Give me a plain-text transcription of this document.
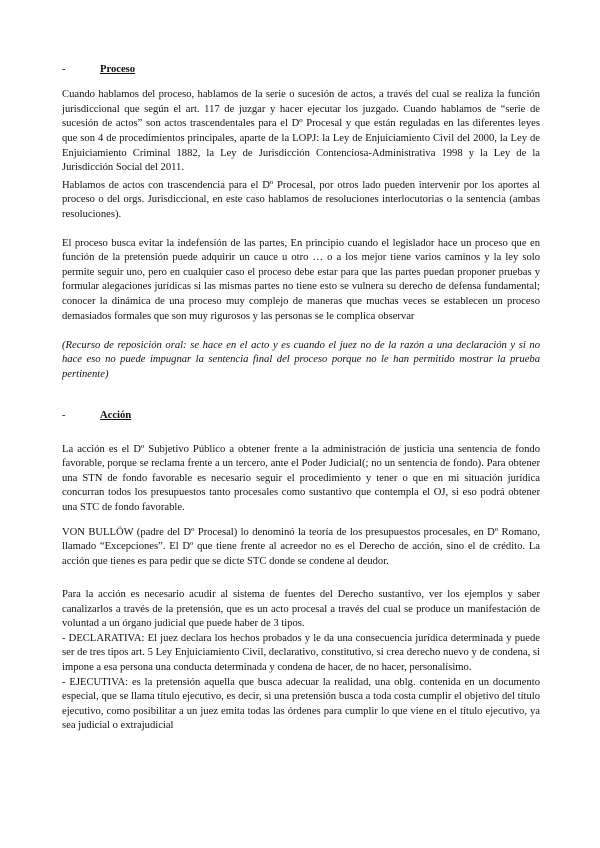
-	Proceso

Cuando hablamos del proceso, hablamos de la serie o sucesión de actos, a través del cual se realiza la función jurisdiccional que según el art. 117 de juzgar y hacer ejecutar los juzgado. Cuando hablamos de “serie de sucesión de actos” son actos trascendentales para el Dº Procesal y que están reguladas en las diferentes leyes que son 4 de procedimientos principales, aparte de la LOPJ: la Ley de Enjuiciamiento Civil del 2000, la Ley de Enjuiciamiento Criminal 1882, la Ley de Jurisdicción Contenciosa-Administrativa 1998 y la Ley de la Jurisdicción Social del 2011.

Hablamos de actos con trascendencia para el Dº Procesal, por otros lado pueden intervenir por los aportes al proceso o del orgs. Jurisdiccional, en este caso hablamos de resoluciones interlocutorias o la sentencia (ambas resoluciones).

El proceso busca evitar la indefensión de las partes, En principio cuando el legislador hace un proceso que en función de la pretensión puede adquirir un cauce u otro … o a los mejor tiene varios caminos y la ley solo permite seguir uno, pero en cualquier caso el proceso debe estar para que las partes puedan proponer pruebas y formular alegaciones jurídicas si las mismas partes no tiene esto se vulnera su derecho de defensa fundamental; conocer la dinámica de una proceso muy complejo de maneras que muchas veces se establecen un proceso demasiados formales que son muy rigurosos y las personas se le complica observar

(Recurso de reposición oral: se hace en el acto y es cuando el juez no de la razón a una declaración y si no hace eso no puede impugnar la sentencia final del proceso porque no le han permitido mostrar la prueba pertinente)

-	Acción

La acción es el Dº Subjetivo Público a obtener frente a la administración de justicia una sentencia de fondo favorable, porque se reclama frente a un tercero, ante el Poder Judicial(; no un sentencia de fondo). Para obtener una STN de fondo favorable es necesario seguir el procedimiento y tener o que en mi situación jurídica concurran todos los presupuestos tanto procesales como sustantivo que contempla el OJ, si eso podrá obtener una STC de fondo favorable.

VON BULLÖW (padre del Dº Procesal) lo denominó la teoría de los presupuestos procesales, en Dº Romano, llamado “Excepciones”. El Dº que tiene frente al acreedor no es el Derecho de acción, sino el de crédito. La acción que tienes es para pedir que se dicte STC donde se condene al deudor.

Para la acción es necesario acudir al sistema de fuentes del Derecho sustantivo, ver los ejemplos y saber canalizarlos a través de la pretensión, que es un acto procesal a través del cual se produce un manifestación de voluntad a un órgano judicial que puede haber de 3 tipos.
- DECLARATIVA: El juez declara los hechos probados y le da una consecuencia jurídica determinada y puede ser de tres tipos art. 5 Ley Enjuiciamiento Civil, declarativo, constitutivo, si crea derecho nuevo y de condena, si impone a esa persona una conducta determinada y condena de hacer, de no hacer, personalísimo.
- EJECUTIVA: es la pretensión aquella que busca adecuar la realidad, una oblg. contenida en un documento especial, que se llama título ejecutivo, es decir, si una pretensión busca a toda costa cumplir el objetivo del título ejecutivo, como posibilitar a un juez emita todas las órdenes para cumplir lo que viene en el título ejecutivo, ya sea judicial o extrajudicial
